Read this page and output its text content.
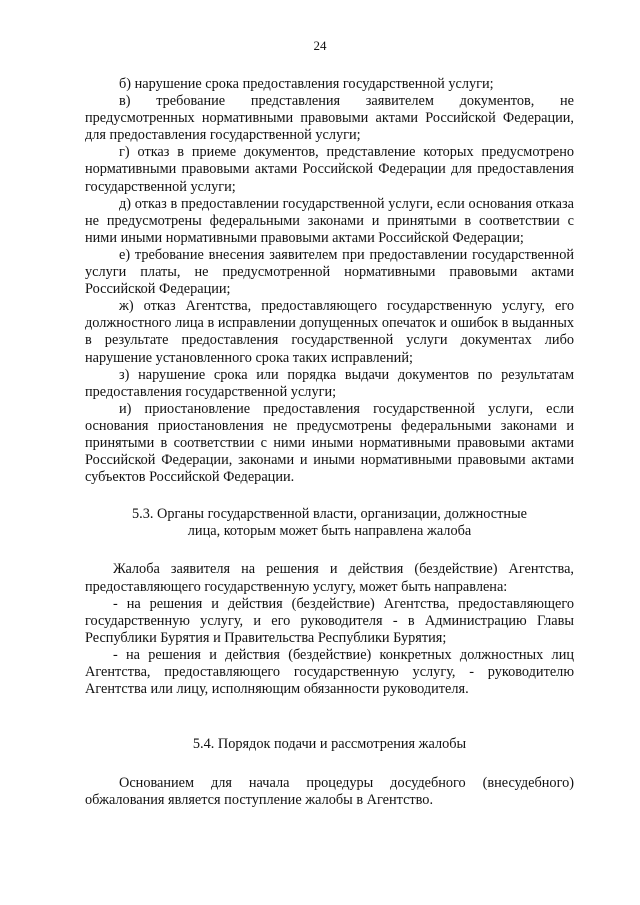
24

б) нарушение срока предоставления государственной услуги;

в) требование представления заявителем документов, не предусмотренных нормативными правовыми актами Российской Федерации, для предоставления государственной услуги;

г) отказ в приеме документов, представление которых предусмотрено нормативными правовыми актами Российской Федерации для предоставления государственной услуги;

д) отказ в предоставлении государственной услуги, если основания отказа не предусмотрены федеральными законами и принятыми в соответствии с ними иными нормативными правовыми актами Российской Федерации;

е) требование внесения заявителем при предоставлении государственной услуги платы, не предусмотренной нормативными правовыми актами Российской Федерации;

ж) отказ Агентства, предоставляющего государственную услугу, его должностного лица в исправлении допущенных опечаток и ошибок в выданных в результате предоставления государственной услуги документах либо нарушение установленного срока таких исправлений;

з) нарушение срока или порядка выдачи документов по результатам предоставления государственной услуги;

и) приостановление предоставления государственной услуги, если основания приостановления не предусмотрены федеральными законами и принятыми в соответствии с ними иными нормативными правовыми актами Российской Федерации, законами и иными нормативными правовыми актами субъектов Российской Федерации.

5.3. Органы государственной власти, организации, должностные
лица, которым может быть направлена жалоба

Жалоба заявителя на решения и действия (бездействие) Агентства, предоставляющего государственную услугу, может быть направлена:

- на решения и действия (бездействие) Агентства, предоставляющего государственную услугу, и его руководителя - в Администрацию Главы Республики Бурятия и Правительства Республики Бурятия;

- на решения и действия (бездействие) конкретных должностных лиц Агентства, предоставляющего государственную услугу, - руководителю Агентства или лицу, исполняющим обязанности руководителя.

5.4. Порядок подачи и рассмотрения жалобы

Основанием для начала процедуры досудебного (внесудебного) обжалования является поступление жалобы в Агентство.
